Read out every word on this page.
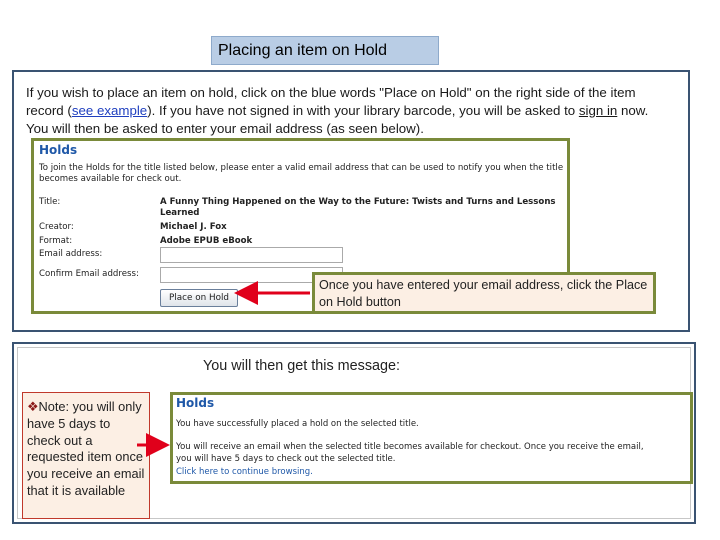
Placing an item on Hold

If you wish to place an item on hold, click on the blue words "Place on Hold" on the right side of the item record (see example). If you have not signed in with your library barcode, you will be asked to sign in now. You will then be asked to enter your email address (as seen below).

Holds
To join the Holds for the title listed below, please enter a valid email address that can be used to notify you when the title becomes available for check out.
Title:	A Funny Thing Happened on the Way to the Future: Twists and Turns and Lessons
Learned
Creator:	Michael J. Fox
Format:	Adobe EPUB eBook
Email address:
Confirm Email address:
Place on Hold
Once you have entered your email address, click the Place on Hold button
You will then get this message:
❖Note: you will only have 5 days to check out a requested item once you receive an email that it is available
Holds
You have successfully placed a hold on the selected title.
You will receive an email when the selected title becomes available for checkout. Once you receive the email,
you will have 5 days to check out the selected title.
Click here to continue browsing.
